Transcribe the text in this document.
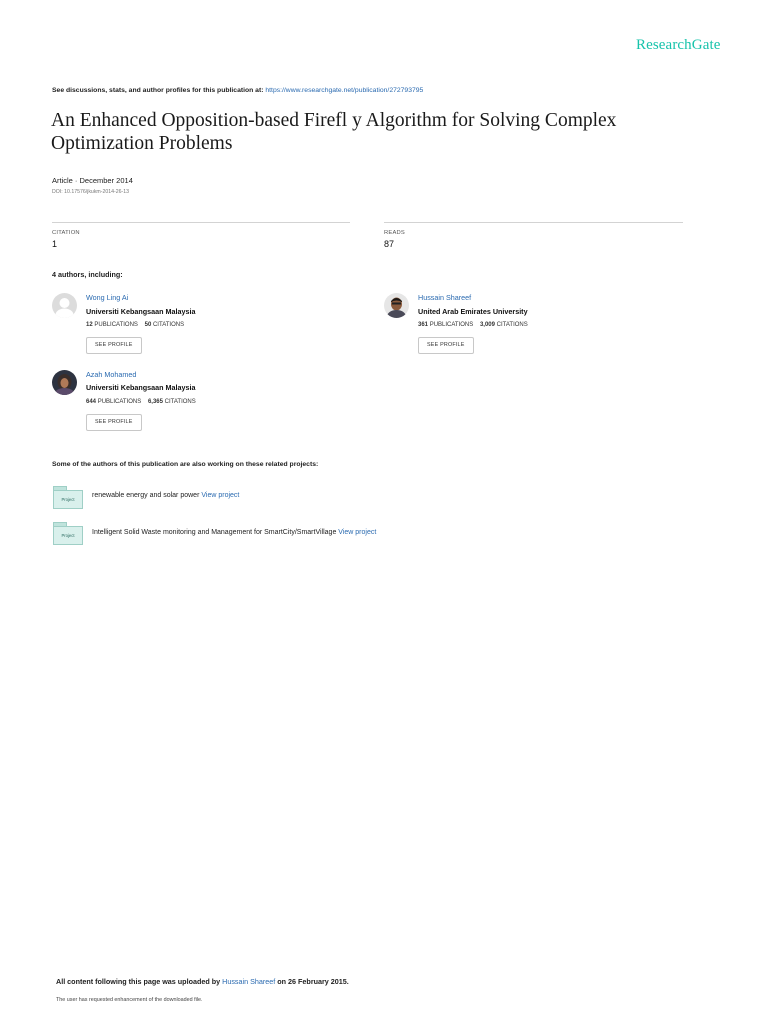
ResearchGate
See discussions, stats, and author profiles for this publication at: https://www.researchgate.net/publication/272793795
An Enhanced Opposition-based Firefl y Algorithm for Solving Complex Optimization Problems
Article · December 2014
DOI: 10.17576/jkukm-2014-26-13
CITATION
1
READS
87
4 authors, including:
Wong Ling Ai
Universiti Kebangsaan Malaysia
12 PUBLICATIONS 50 CITATIONS
SEE PROFILE
Hussain Shareef
United Arab Emirates University
361 PUBLICATIONS 3,009 CITATIONS
SEE PROFILE
Azah Mohamed
Universiti Kebangsaan Malaysia
644 PUBLICATIONS 6,365 CITATIONS
SEE PROFILE
Some of the authors of this publication are also working on these related projects:
Project
renewable energy and solar power View project
Project	Intelligent Solid Waste monitoring and Management for SmartCity/SmartVillage View project
All content following this page was uploaded by Hussain Shareef on 26 February 2015.
The user has requested enhancement of the downloaded file.
